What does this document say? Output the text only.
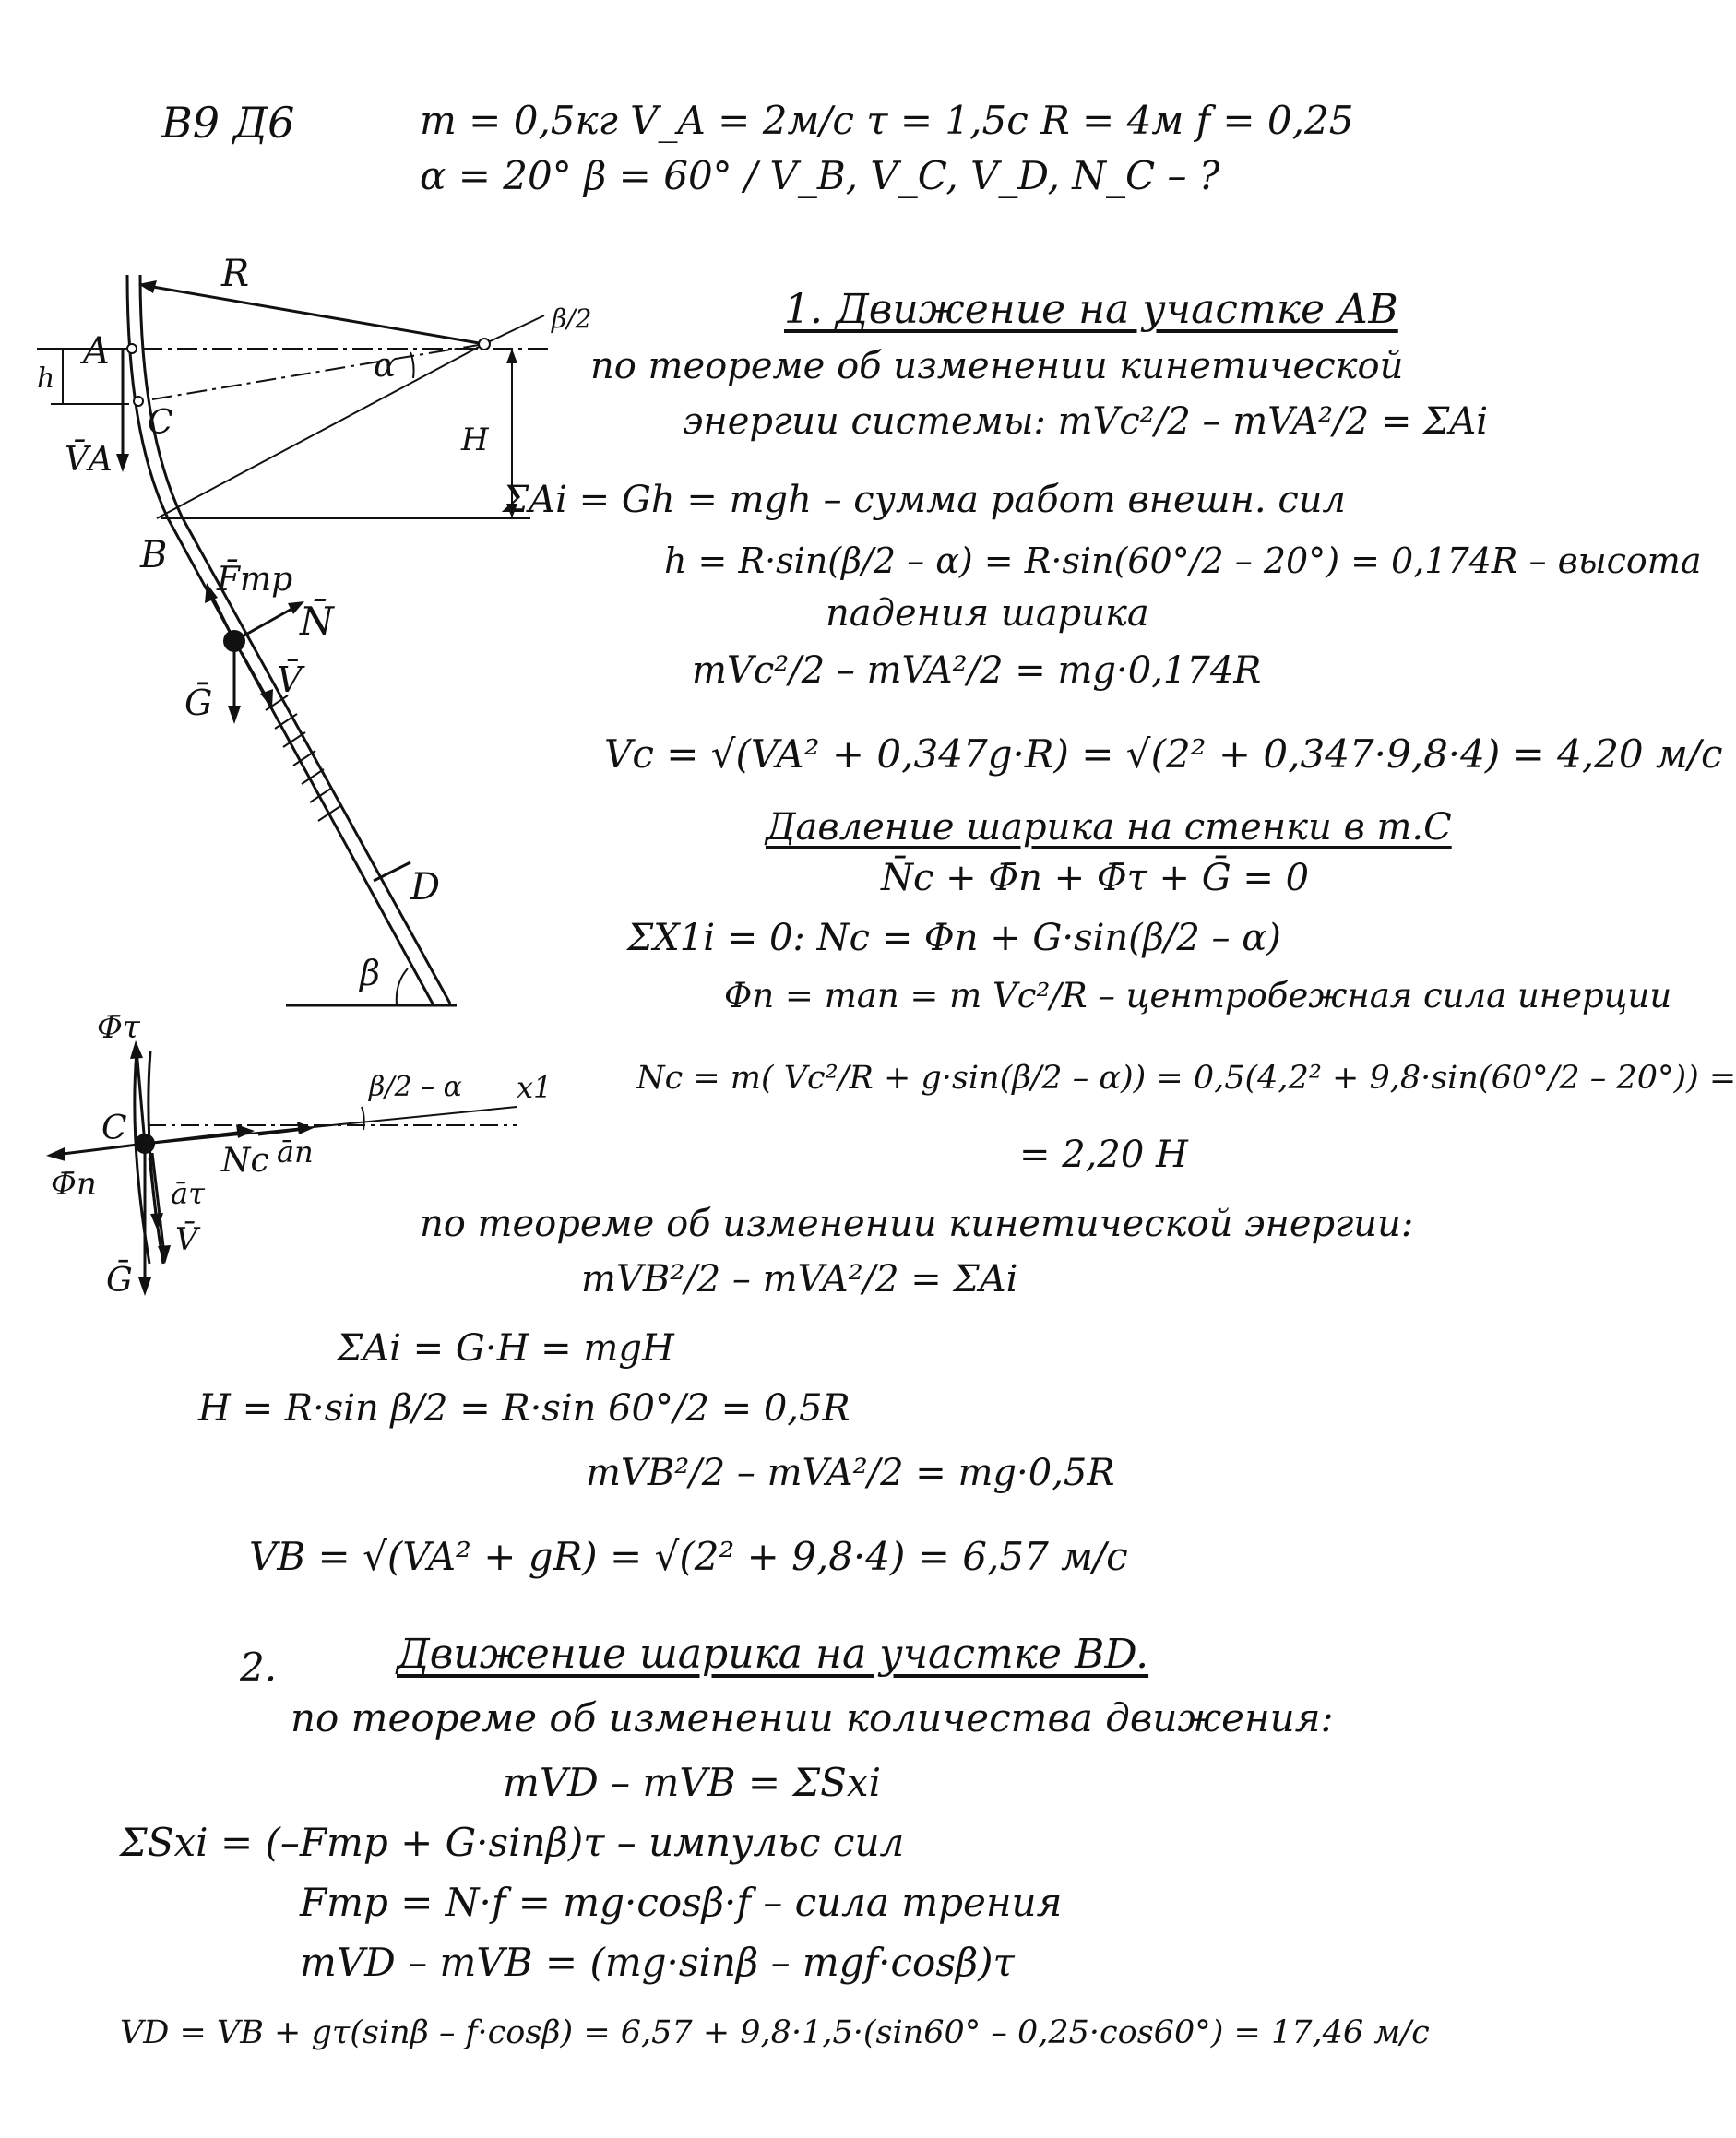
B9 Д6	m = 0,5кг V_A = 2м/с τ = 1,5с R = 4м f = 0,25
α = 20° β = 60° / V_B, V_C, V_D, N_C – ?
R
β/2
A
h
C
V̄A
α
H
B
F̄тр
N̄
Ḡ
V̄
D
β
Φ̄τ
β/2 – α x1
C
Nc ān
Φ̄n	āτ
V̄
Ḡ
1. Движение на участке АВ
по теореме об изменении кинетической
энергии системы: mVc²/2 – mVA²/2 = ΣAi
ΣAi = Gh = mgh – сумма работ внешн. сил
h = R·sin(β/2 – α) = R·sin(60°/2 – 20°) = 0,174R – высота
падения шарика
mVc²/2 – mVA²/2 = mg·0,174R
Vc = √(VA² + 0,347g·R) = √(2² + 0,347·9,8·4) = 4,20 м/с
Давление шарика на стенки в т.С
N̄c + Φ̄n + Φ̄τ + Ḡ = 0
ΣX1i = 0: Nc = Φn + G·sin(β/2 – α)
Φn = man = m Vc²/R – центробежная сила инерции
Nc = m( Vc²/R + g·sin(β/2 – α)) = 0,5(4,2² + 9,8·sin(60°/2 – 20°)) =
= 2,20 Н
по теореме об изменении кинетической энергии:
mVB²/2 – mVA²/2 = ΣAi
ΣAi = G·H = mgH
H = R·sin β/2 = R·sin 60°/2 = 0,5R
mVB²/2 – mVA²/2 = mg·0,5R
VB = √(VA² + gR) = √(2² + 9,8·4) = 6,57 м/с
2.	Движение шарика на участке ВD.
по теореме об изменении количества движения:
mVD – mVB = ΣSxi
ΣSxi = (–Fтр + G·sinβ)τ – импульс сил
Fтр = N·f = mg·cosβ·f – сила трения
mVD – mVB = (mg·sinβ – mgf·cosβ)τ
VD = VB + gτ(sinβ – f·cosβ) = 6,57 + 9,8·1,5·(sin60° – 0,25·cos60°) = 17,46 м/с
